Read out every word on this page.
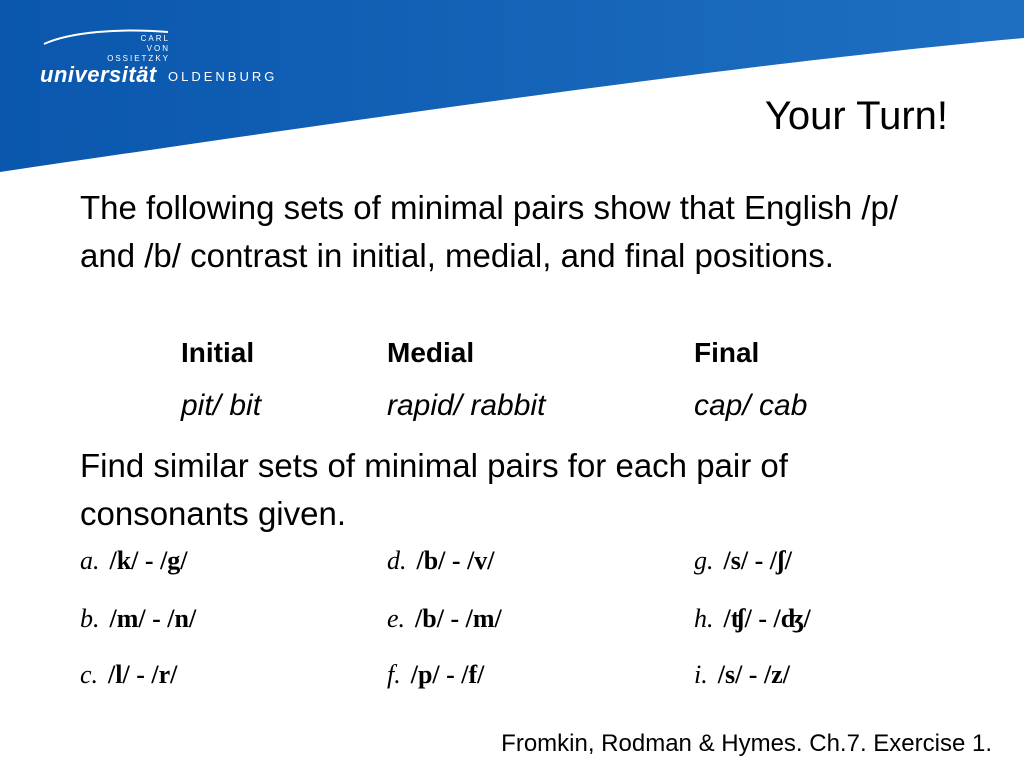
CARL
VON
OSSIETZKY
universität OLDENBURG
Your Turn!
The following sets of minimal pairs show that English /p/ and /b/ contrast in initial, medial, and final positions.
Initial	Medial	Final
pit/ bit	rapid/ rabbit	cap/ cab
Find similar sets of minimal pairs for each pair of consonants given.
a. /k/ - /g/	d. /b/ - /v/	g. /s/ - /ʃ/
b. /m/ - /n/	e. /b/ - /m/	h. /ʧ/ - /ʤ/
c. /l/ - /r/	f. /p/ - /f/	i. /s/ - /z/
Fromkin, Rodman & Hymes. Ch.7. Exercise 1.
